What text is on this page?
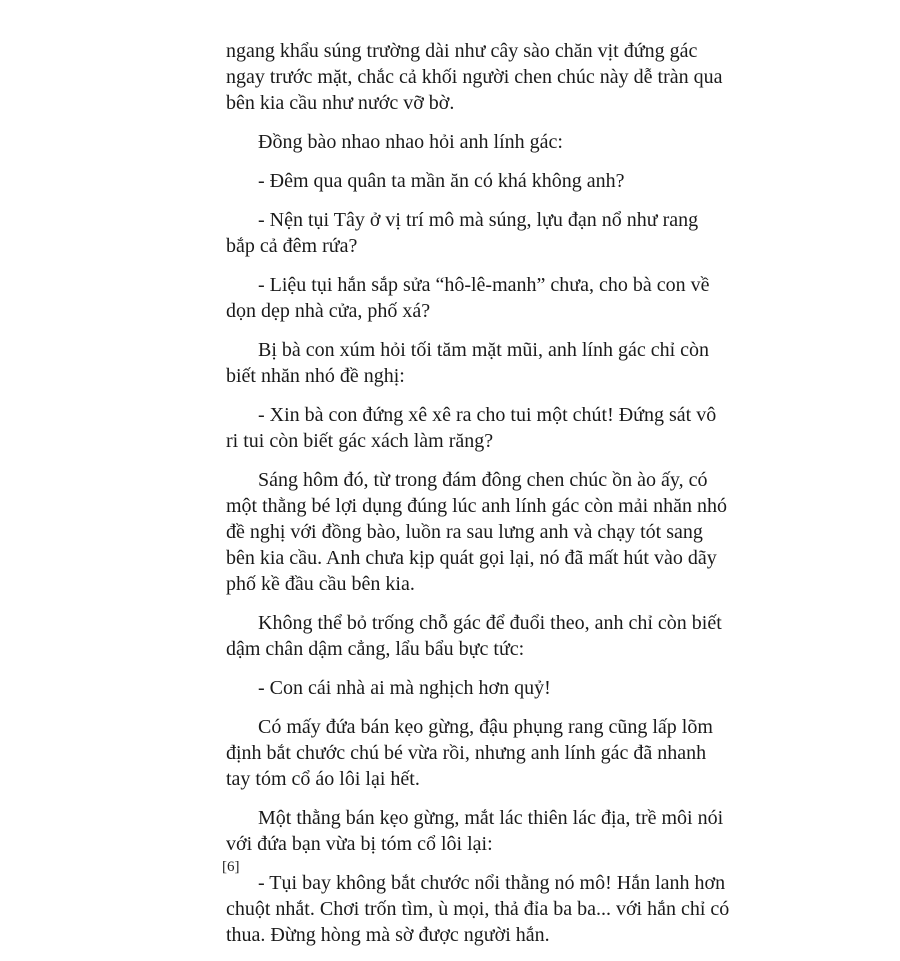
ngang khẩu súng trường dài như cây sào chăn vịt đứng gác
ngay trước mặt, chắc cả khối người chen chúc này dễ tràn qua
bên kia cầu như nước vỡ bờ.

Đồng bào nhao nhao hỏi anh lính gác:

- Đêm qua quân ta mần ăn có khá không anh?

- Nện tụi Tây ở vị trí mô mà súng, lựu đạn nổ như rang
bắp cả đêm rứa?

- Liệu tụi hắn sắp sửa “hô-lê-manh” chưa, cho bà con về
dọn dẹp nhà cửa, phố xá?

Bị bà con xúm hỏi tối tăm mặt mũi, anh lính gác chỉ còn
biết nhăn nhó đề nghị:

- Xin bà con đứng xê xê ra cho tui một chút! Đứng sát vô
ri tui còn biết gác xách làm răng?

Sáng hôm đó, từ trong đám đông chen chúc ồn ào ấy, có
một thằng bé lợi dụng đúng lúc anh lính gác còn mải nhăn nhó
đề nghị với đồng bào, luồn ra sau lưng anh và chạy tót sang
bên kia cầu. Anh chưa kịp quát gọi lại, nó đã mất hút vào dãy
phố kề đầu cầu bên kia.

Không thể bỏ trống chỗ gác để đuổi theo, anh chỉ còn biết
dậm chân dậm cẳng, lẩu bẩu bực tức:

- Con cái nhà ai mà nghịch hơn quỷ!

Có mấy đứa bán kẹo gừng, đậu phụng rang cũng lấp lõm
định bắt chước chú bé vừa rồi, nhưng anh lính gác đã nhanh
tay tóm cổ áo lôi lại hết.

Một thằng bán kẹo gừng, mắt lác thiên lác địa, trề môi nói
với đứa bạn vừa bị tóm cổ lôi lại:

- Tụi bay không bắt chước nổi thằng nó mô! Hắn lanh hơn
chuột nhắt. Chơi trốn tìm, ù mọi, thả đỉa ba ba... với hắn chỉ có
thua. Đừng hòng mà sờ được người hắn.

[6]
